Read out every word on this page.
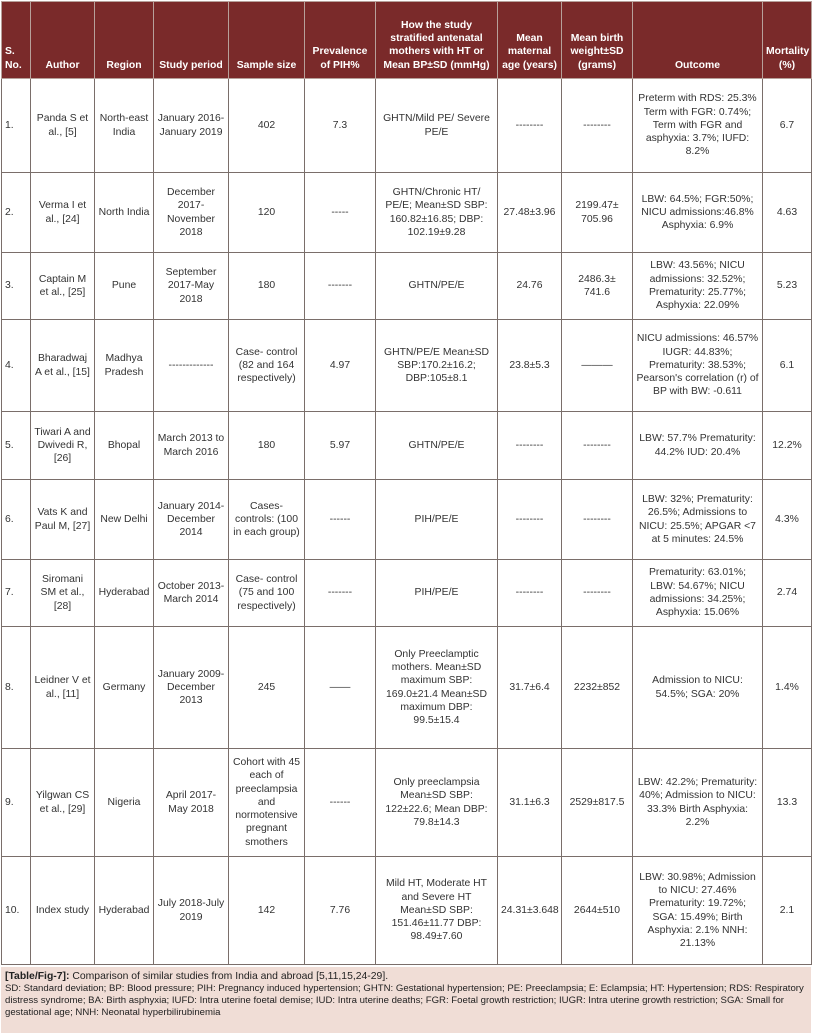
S. No.	Author	Region	Study period	Sample size	Prevalence of PIH%	How the study stratified antenatal mothers with HT or Mean BP±SD (mmHg)	Mean maternal age (years)	Mean birth weight±SD (grams)	Outcome	Mortality (%)
1.	Panda S et al., [5]	North-east India	January 2016-January 2019	402	7.3	GHTN/Mild PE/ Severe PE/E	--------	--------	Preterm with RDS: 25.3% Term with FGR: 0.74%; Term with FGR and asphyxia: 3.7%; IUFD: 8.2%	6.7
2.	Verma I et al., [24]	North India	December 2017-November 2018	120	-----	GHTN/Chronic HT/ PE/E; Mean±SD SBP: 160.82±16.85; DBP: 102.19±9.28	27.48±3.96	2199.47± 705.96	LBW: 64.5%; FGR:50%; NICU admissions:46.8% Asphyxia: 6.9%	4.63
3.	Captain M et al., [25]	Pune	September 2017-May 2018	180	-------	GHTN/PE/E	24.76	2486.3± 741.6	LBW: 43.56%; NICU admissions: 32.52%; Prematurity: 25.77%; Asphyxia: 22.09%	5.23
4.	Bharadwaj A et al., [15]	Madhya Pradesh	-------------	Case- control (82 and 164 respectively)	4.97	GHTN/PE/E Mean±SD SBP:170.2±16.2; DBP:105±8.1	23.8±5.3	———	NICU admissions: 46.57% IUGR: 44.83%; Prematurity: 38.53%; Pearson's correlation (r) of BP with BW: -0.611	6.1
5.	Tiwari A and Dwivedi R, [26]	Bhopal	March 2013 to March 2016	180	5.97	GHTN/PE/E	--------	--------	LBW: 57.7% Prematurity: 44.2% IUD: 20.4%	12.2%
6.	Vats K and Paul M, [27]	New Delhi	January 2014-December 2014	Cases-controls: (100 in each group)	------	PIH/PE/E	--------	--------	LBW: 32%; Prematurity: 26.5%; Admissions to NICU: 25.5%; APGAR <7 at 5 minutes: 24.5%	4.3%
7.	Siromani SM et al., [28]	Hyderabad	October 2013-March 2014	Case- control (75 and 100 respectively)	-------	PIH/PE/E	--------	--------	Prematurity: 63.01%; LBW: 54.67%; NICU admissions: 34.25%; Asphyxia: 15.06%	2.74
8.	Leidner V et al., [11]	Germany	January 2009-December 2013	245	——	Only Preeclamptic mothers. Mean±SD maximum SBP: 169.0±21.4 Mean±SD maximum DBP: 99.5±15.4	31.7±6.4	2232±852	Admission to NICU: 54.5%; SGA: 20%	1.4%
9.	Yilgwan CS et al., [29]	Nigeria	April 2017-May 2018	Cohort with 45 each of preeclampsia and normotensive pregnant smothers	------	Only preeclampsia Mean±SD SBP: 122±22.6; Mean DBP: 79.8±14.3	31.1±6.3	2529±817.5	LBW: 42.2%; Prematurity: 40%; Admission to NICU: 33.3% Birth Asphyxia: 2.2%	13.3
10.	Index study	Hyderabad	July 2018-July 2019	142	7.76	Mild HT, Moderate HT and Severe HT Mean±SD SBP: 151.46±11.77 DBP: 98.49±7.60	24.31±3.648	2644±510	LBW: 30.98%; Admission to NICU: 27.46% Prematurity: 19.72%; SGA: 15.49%; Birth Asphyxia: 2.1% NNH: 21.13%	2.1
[Table/Fig-7]: Comparison of similar studies from India and abroad [5,11,15,24-29].
SD: Standard deviation; BP: Blood pressure; PIH: Pregnancy induced hypertension; GHTN: Gestational hypertension; PE: Preeclampsia; E: Eclampsia; HT: Hypertension; RDS: Respiratory distress syndrome; BA: Birth asphyxia; IUFD: Intra uterine foetal demise; IUD: Intra uterine deaths; FGR: Foetal growth restriction; IUGR: Intra uterine growth restriction; SGA: Small for gestational age; NNH: Neonatal hyperbilirubinemia
